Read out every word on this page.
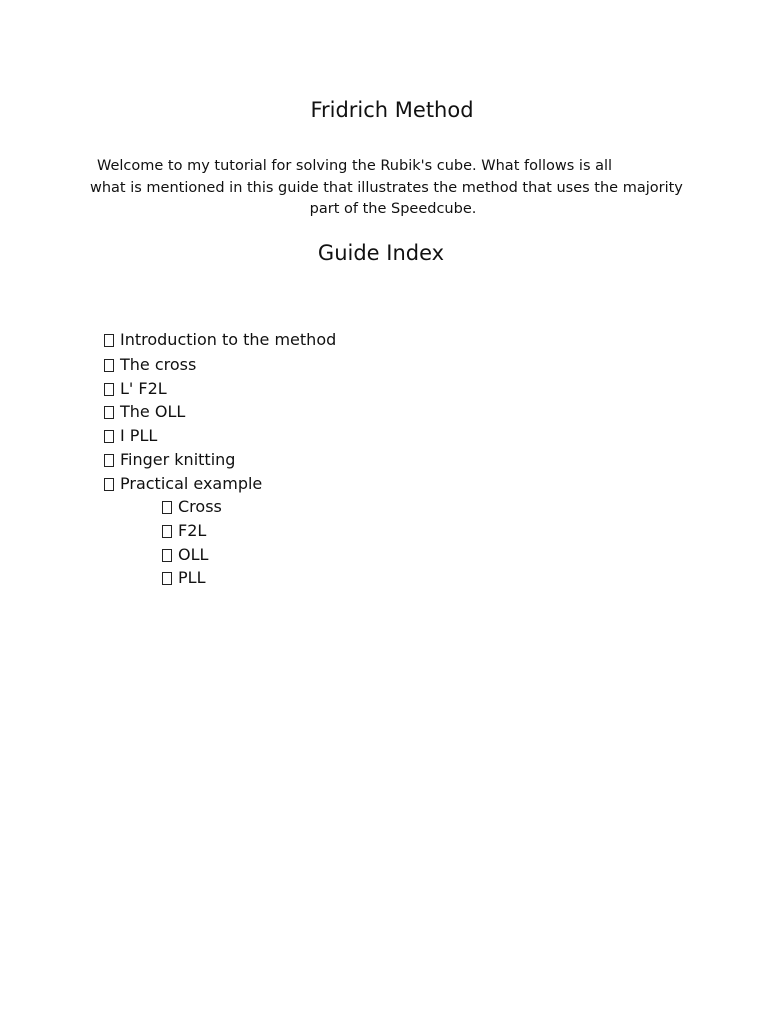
Fridrich Method
Welcome to my tutorial for solving the Rubik's cube. What follows is all
what is mentioned in this guide that illustrates the method that uses the majority
part of the Speedcube.
Guide Index
Introduction to the method
The cross
L' F2L
The OLL
I PLL
Finger knitting
Practical example
Cross
F2L
OLL
PLL
